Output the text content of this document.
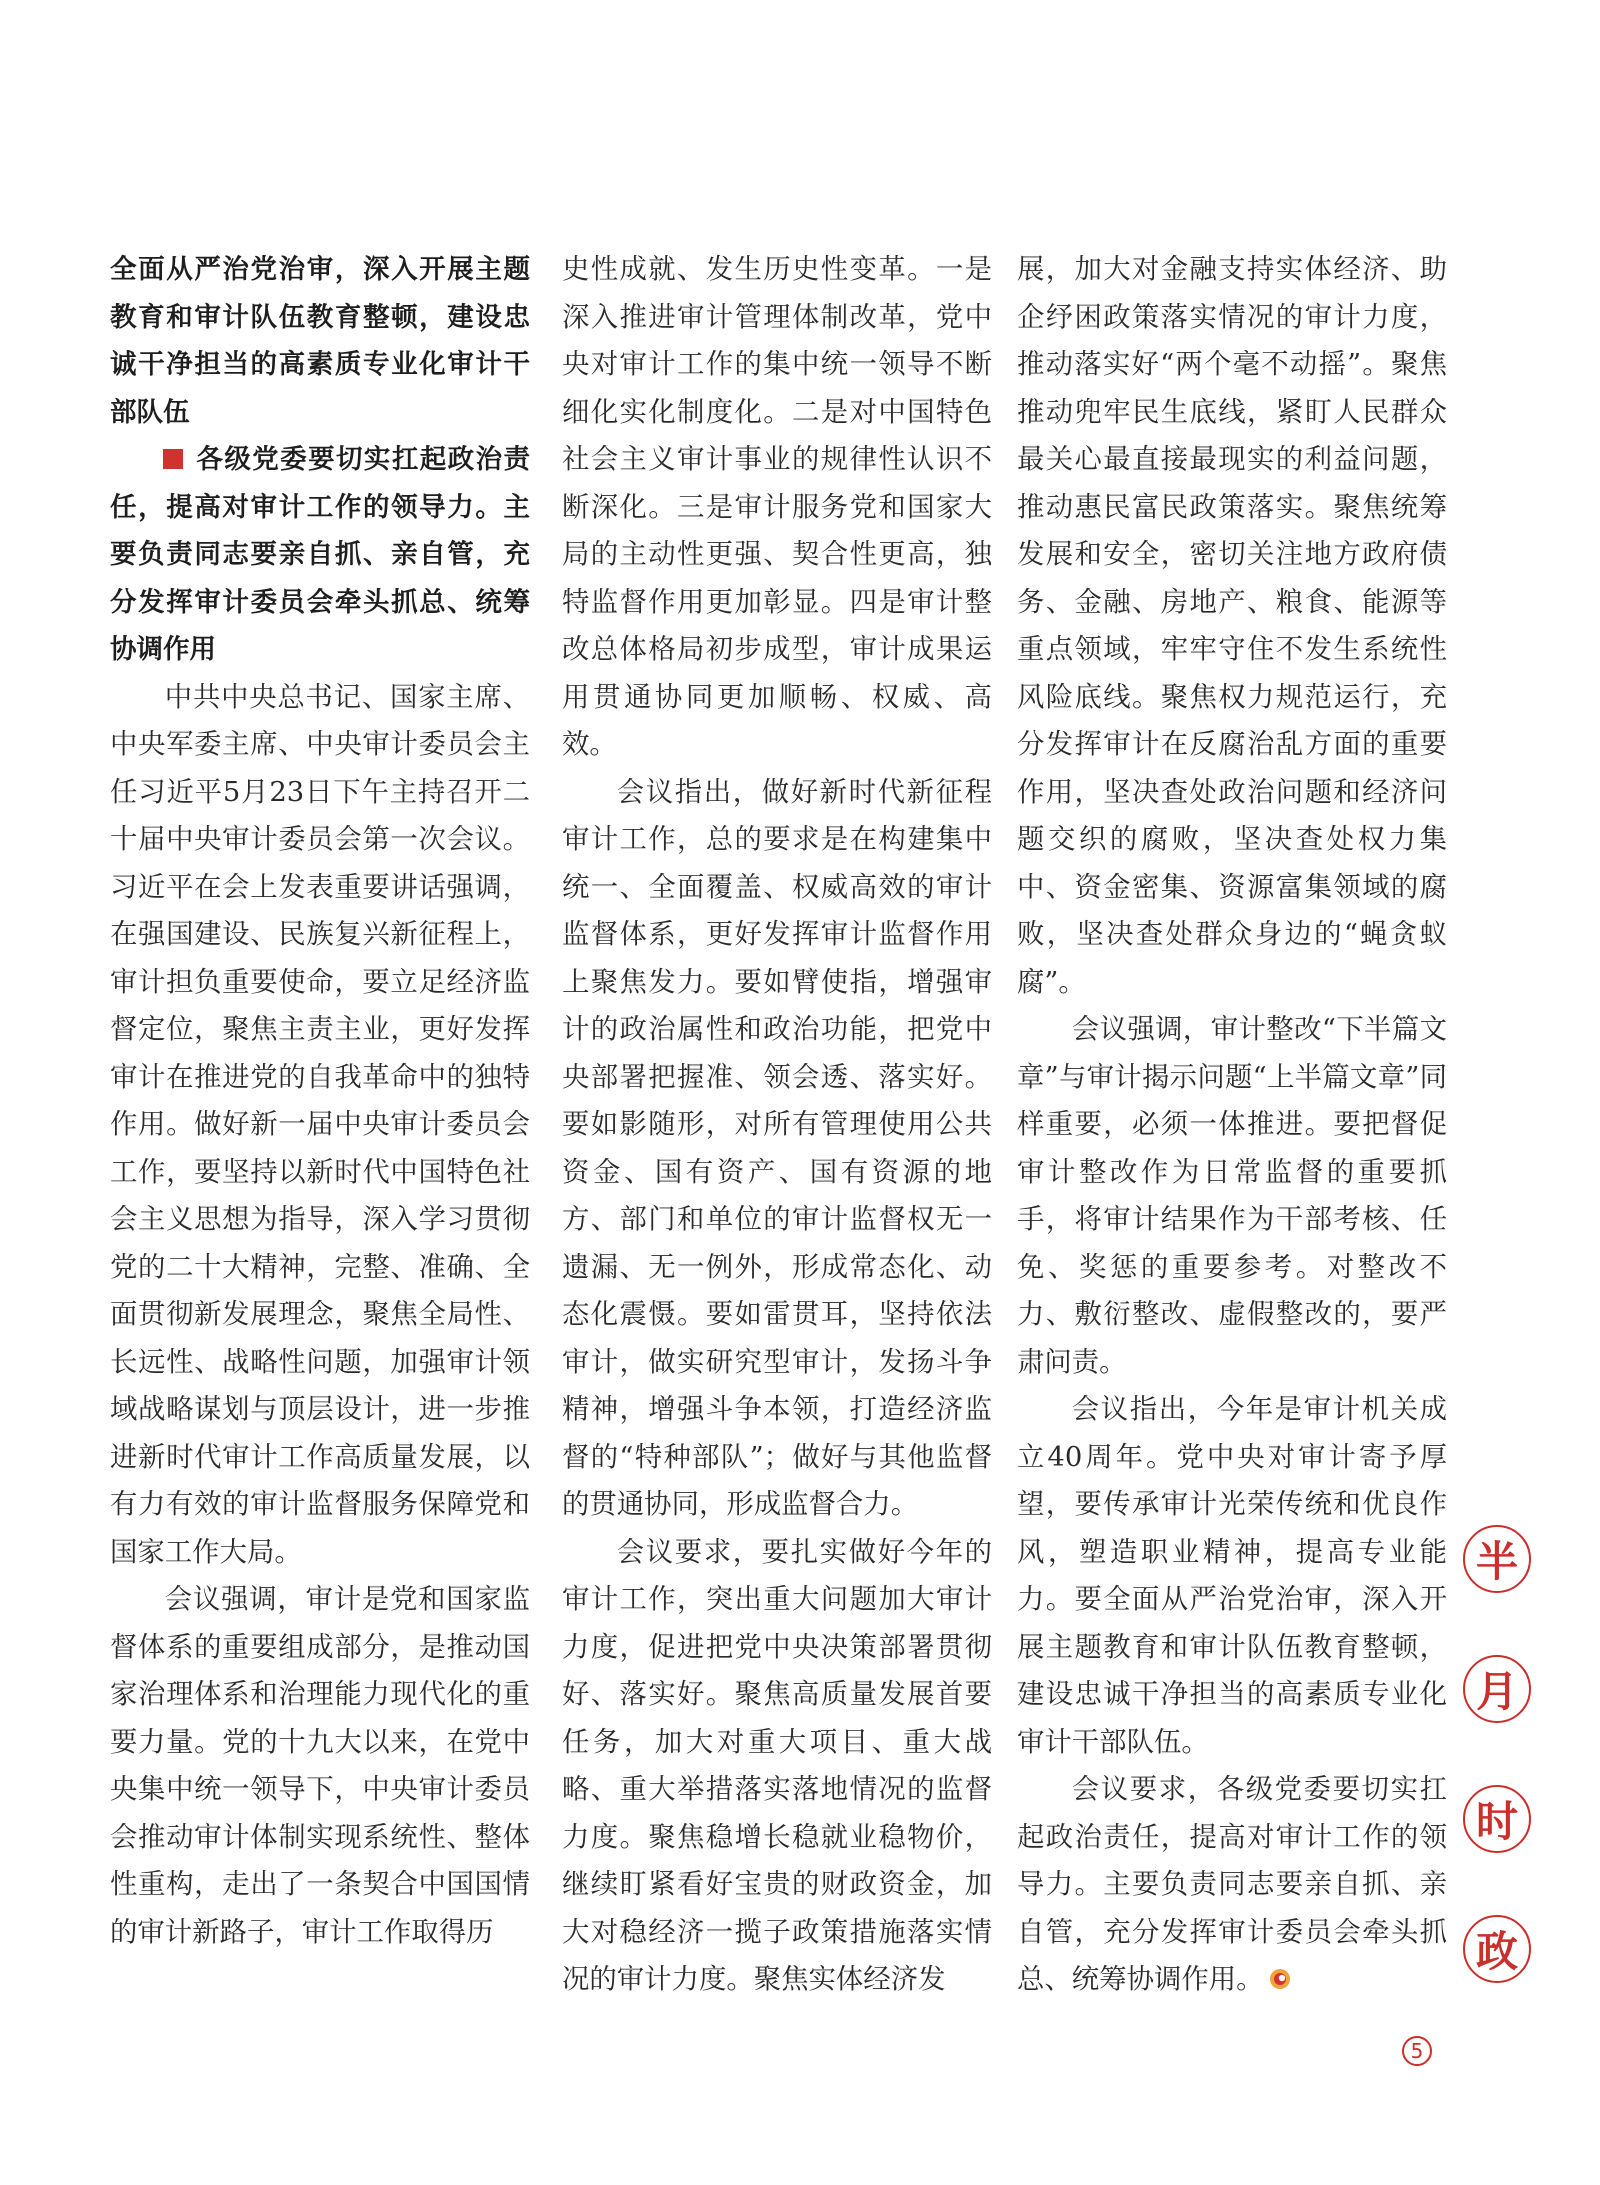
全面从严治党治审，深入开展主题教育和审计队伍教育整顿，建设忠诚干净担当的高素质专业化审计干部队伍

各级党委要切实扛起政治责任，提高对审计工作的领导力。主要负责同志要亲自抓、亲自管，充分发挥审计委员会牵头抓总、统筹协调作用

中共中央总书记、国家主席、中央军委主席、中央审计委员会主任习近平5月23日下午主持召开二十届中央审计委员会第一次会议。习近平在会上发表重要讲话强调，在强国建设、民族复兴新征程上，审计担负重要使命，要立足经济监督定位，聚焦主责主业，更好发挥审计在推进党的自我革命中的独特作用。做好新一届中央审计委员会工作，要坚持以新时代中国特色社会主义思想为指导，深入学习贯彻党的二十大精神，完整、准确、全面贯彻新发展理念，聚焦全局性、长远性、战略性问题，加强审计领域战略谋划与顶层设计，进一步推进新时代审计工作高质量发展，以有力有效的审计监督服务保障党和国家工作大局。

会议强调，审计是党和国家监督体系的重要组成部分，是推动国家治理体系和治理能力现代化的重要力量。党的十九大以来，在党中央集中统一领导下，中央审计委员会推动审计体制实现系统性、整体性重构，走出了一条契合中国国情的审计新路子，审计工作取得历

史性成就、发生历史性变革。一是深入推进审计管理体制改革，党中央对审计工作的集中统一领导不断细化实化制度化。二是对中国特色社会主义审计事业的规律性认识不断深化。三是审计服务党和国家大局的主动性更强、契合性更高，独特监督作用更加彰显。四是审计整改总体格局初步成型，审计成果运用贯通协同更加顺畅、权威、高效。

会议指出，做好新时代新征程审计工作，总的要求是在构建集中统一、全面覆盖、权威高效的审计监督体系，更好发挥审计监督作用上聚焦发力。要如臂使指，增强审计的政治属性和政治功能，把党中央部署把握准、领会透、落实好。要如影随形，对所有管理使用公共资金、国有资产、国有资源的地方、部门和单位的审计监督权无一遗漏、无一例外，形成常态化、动态化震慑。要如雷贯耳，坚持依法审计，做实研究型审计，发扬斗争精神，增强斗争本领，打造经济监督的“特种部队”；做好与其他监督的贯通协同，形成监督合力。

会议要求，要扎实做好今年的审计工作，突出重大问题加大审计力度，促进把党中央决策部署贯彻好、落实好。聚焦高质量发展首要任务，加大对重大项目、重大战略、重大举措落实落地情况的监督力度。聚焦稳增长稳就业稳物价，继续盯紧看好宝贵的财政资金，加大对稳经济一揽子政策措施落实情况的审计力度。聚焦实体经济发

展，加大对金融支持实体经济、助企纾困政策落实情况的审计力度，推动落实好“两个毫不动摇”。聚焦推动兜牢民生底线，紧盯人民群众最关心最直接最现实的利益问题，推动惠民富民政策落实。聚焦统筹发展和安全，密切关注地方政府债务、金融、房地产、粮食、能源等重点领域，牢牢守住不发生系统性风险底线。聚焦权力规范运行，充分发挥审计在反腐治乱方面的重要作用，坚决查处政治问题和经济问题交织的腐败，坚决查处权力集中、资金密集、资源富集领域的腐败，坚决查处群众身边的“蝇贪蚁腐”。

会议强调，审计整改“下半篇文章”与审计揭示问题“上半篇文章”同样重要，必须一体推进。要把督促审计整改作为日常监督的重要抓手，将审计结果作为干部考核、任免、奖惩的重要参考。对整改不力、敷衍整改、虚假整改的，要严肃问责。

会议指出，今年是审计机关成立40周年。党中央对审计寄予厚望，要传承审计光荣传统和优良作风，塑造职业精神，提高专业能力。要全面从严治党治审，深入开展主题教育和审计队伍教育整顿，建设忠诚干净担当的高素质专业化审计干部队伍。

会议要求，各级党委要切实扛起政治责任，提高对审计工作的领导力。主要负责同志要亲自抓、亲自管，充分发挥审计委员会牵头抓总、统筹协调作用。

半
月
时
政
5
